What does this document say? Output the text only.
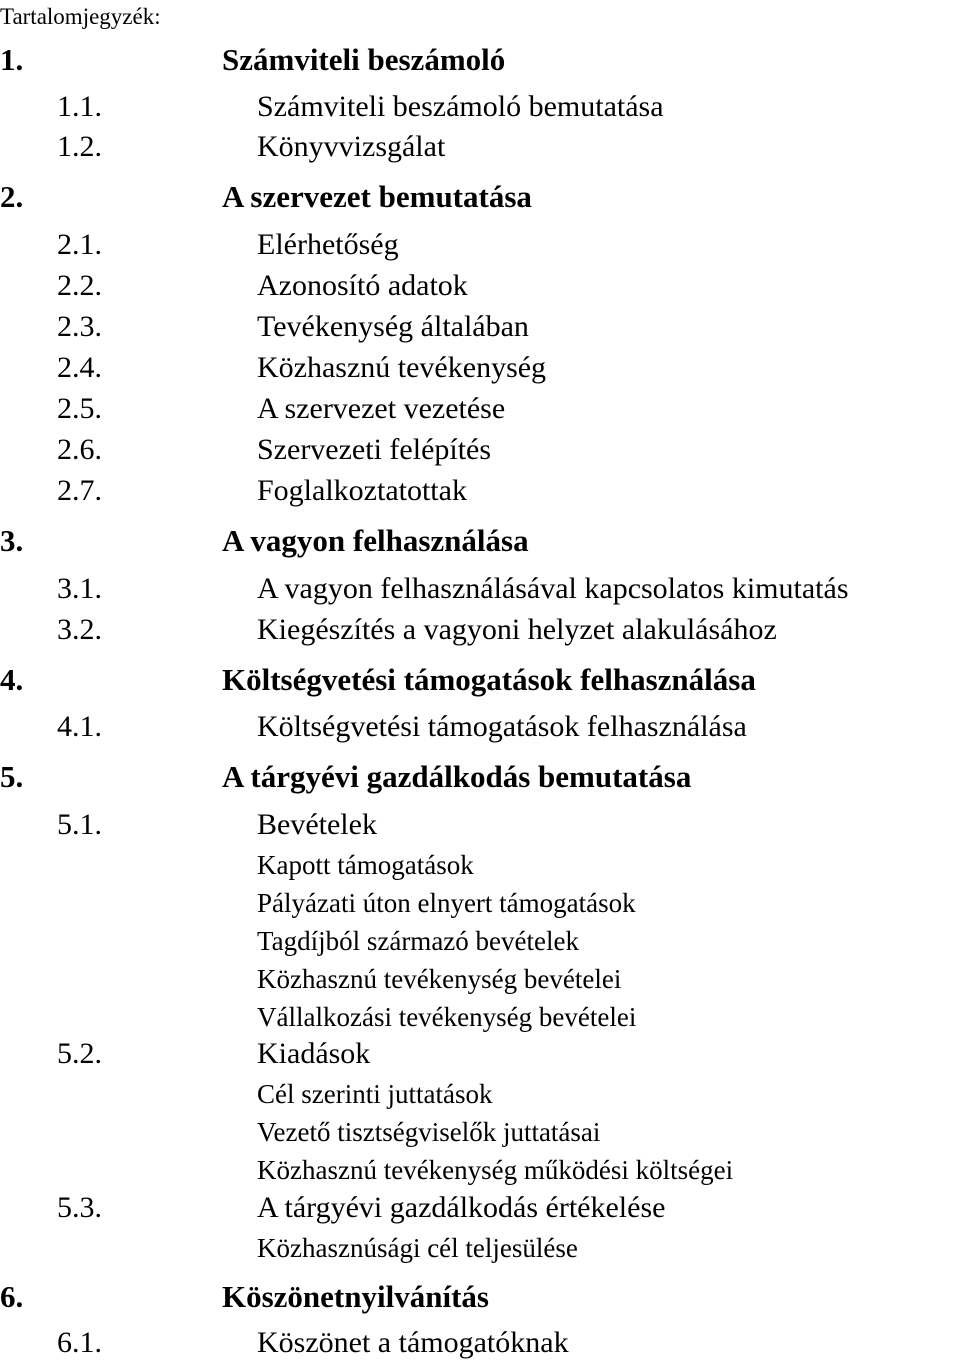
Tartalomjegyzék:
1.	Számviteli beszámoló
1.1.	Számviteli beszámoló bemutatása
1.2.	Könyvvizsgálat
2.	A szervezet bemutatása
2.1.	Elérhetőség
2.2.	Azonosító adatok
2.3.	Tevékenység általában
2.4.	Közhasznú tevékenység
2.5.	A szervezet vezetése
2.6.	Szervezeti felépítés
2.7.	Foglalkoztatottak
3.	A vagyon felhasználása
3.1.	A vagyon felhasználásával kapcsolatos kimutatás
3.2.	Kiegészítés a vagyoni helyzet alakulásához
4.	Költségvetési támogatások felhasználása
4.1.	Költségvetési támogatások felhasználása
5.	A tárgyévi gazdálkodás bemutatása
5.1.	Bevételek
Kapott támogatások
Pályázati úton elnyert támogatások
Tagdíjból származó bevételek
Közhasznú tevékenység bevételei
Vállalkozási tevékenység bevételei
5.2.	Kiadások
Cél szerinti juttatások
Vezető tisztségviselők juttatásai
Közhasznú tevékenység működési költségei
5.3.	A tárgyévi gazdálkodás értékelése
Közhasznúsági cél teljesülése
6.	Köszönetnyilvánítás
6.1.	Köszönet a támogatóknak
